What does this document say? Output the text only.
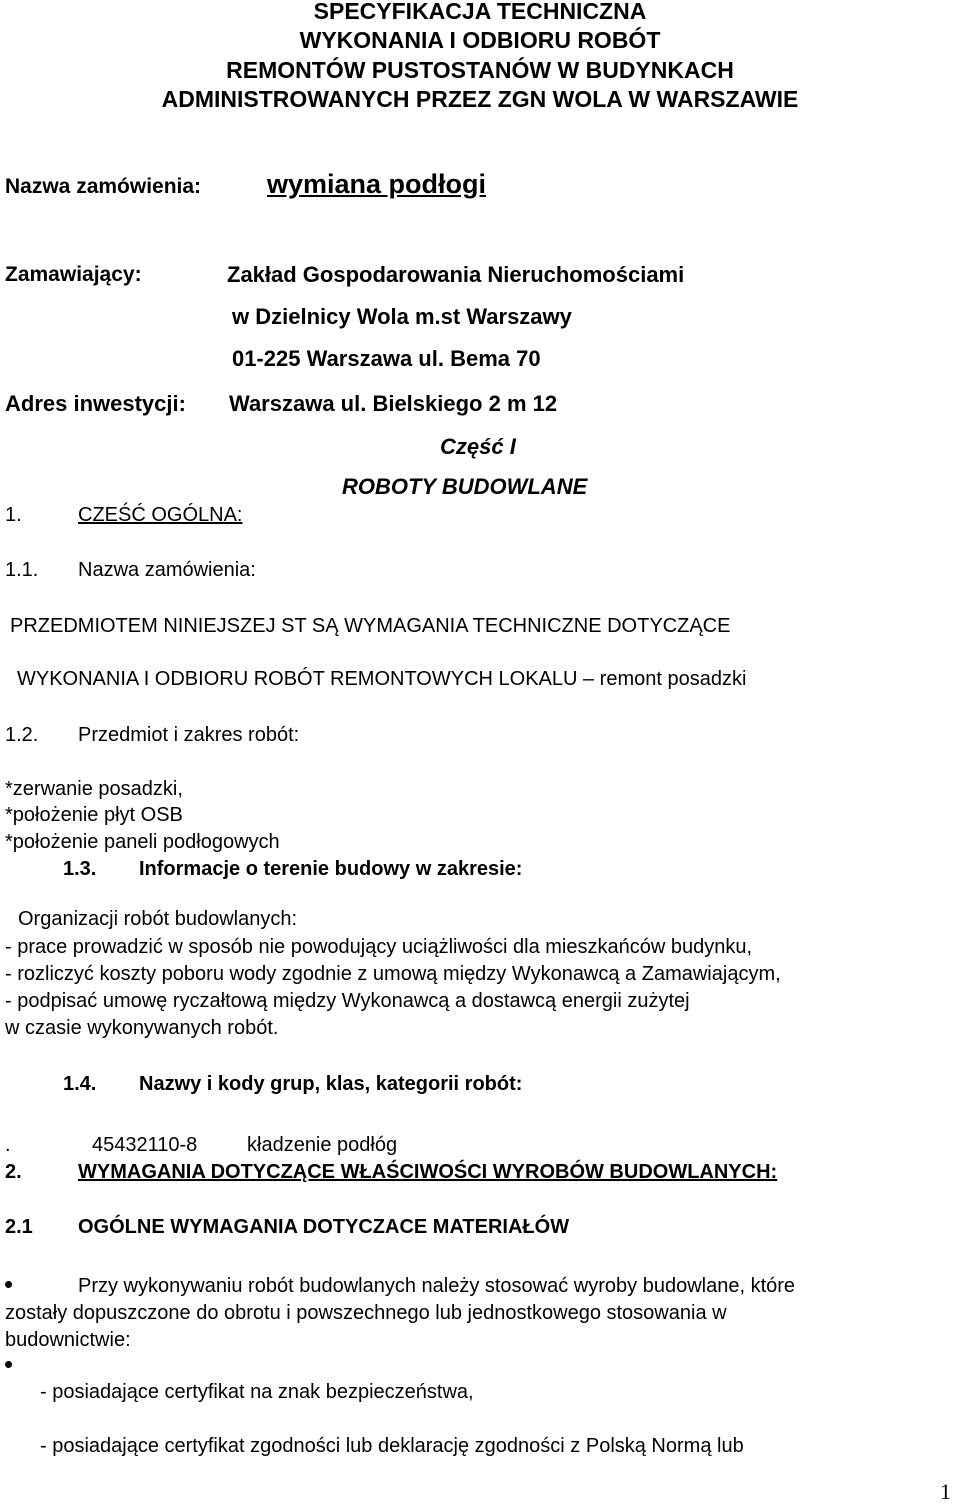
SPECYFIKACJA TECHNICZNA
WYKONANIA I ODBIORU ROBÓT
REMONTÓW PUSTOSTANÓW W BUDYNKACH
ADMINISTROWANYCH PRZEZ ZGN WOLA W WARSZAWIE
Nazwa zamówienia: wymiana podłogi
Zamawiający:	Zakład Gospodarowania Nieruchomościami
w Dzielnicy Wola m.st Warszawy
01-225 Warszawa ul. Bema 70
Adres inwestycji: Warszawa ul. Bielskiego 2 m 12
Część I
ROBOTY BUDOWLANE
1.	CZEŚĆ OGÓLNA:
1.1. Nazwa zamówienia:
PRZEDMIOTEM NINIEJSZEJ ST SĄ WYMAGANIA TECHNICZNE DOTYCZĄCE
WYKONANIA I ODBIORU ROBÓT REMONTOWYCH LOKALU – remont posadzki
1.2. Przedmiot i zakres robót:
*zerwanie posadzki,
*położenie płyt OSB
*położenie paneli podłogowych
1.3. Informacje o terenie budowy w zakresie:
Organizacji robót budowlanych:
- prace prowadzić w sposób nie powodujący uciążliwości dla mieszkańców budynku,
- rozliczyć koszty poboru wody zgodnie z umową między Wykonawcą a Zamawiającym,
- podpisać umowę ryczałtową między Wykonawcą a dostawcą energii zużytej
w czasie wykonywanych robót.
1.4. Nazwy i kody grup, klas, kategorii robót:
.	45432110-8 kładzenie podłóg
2.	WYMAGANIA DOTYCZĄCE WŁAŚCIWOŚCI WYROBÓW BUDOWLANYCH:
2.1 OGÓLNE WYMAGANIA DOTYCZACE MATERIAŁÓW
Przy wykonywaniu robót budowlanych należy stosować wyroby budowlane, które
zostały dopuszczone do obrotu i powszechnego lub jednostkowego stosowania w
budownictwie:
- posiadające certyfikat na znak bezpieczeństwa,
- posiadające certyfikat zgodności lub deklarację zgodności z Polską Normą lub
1
